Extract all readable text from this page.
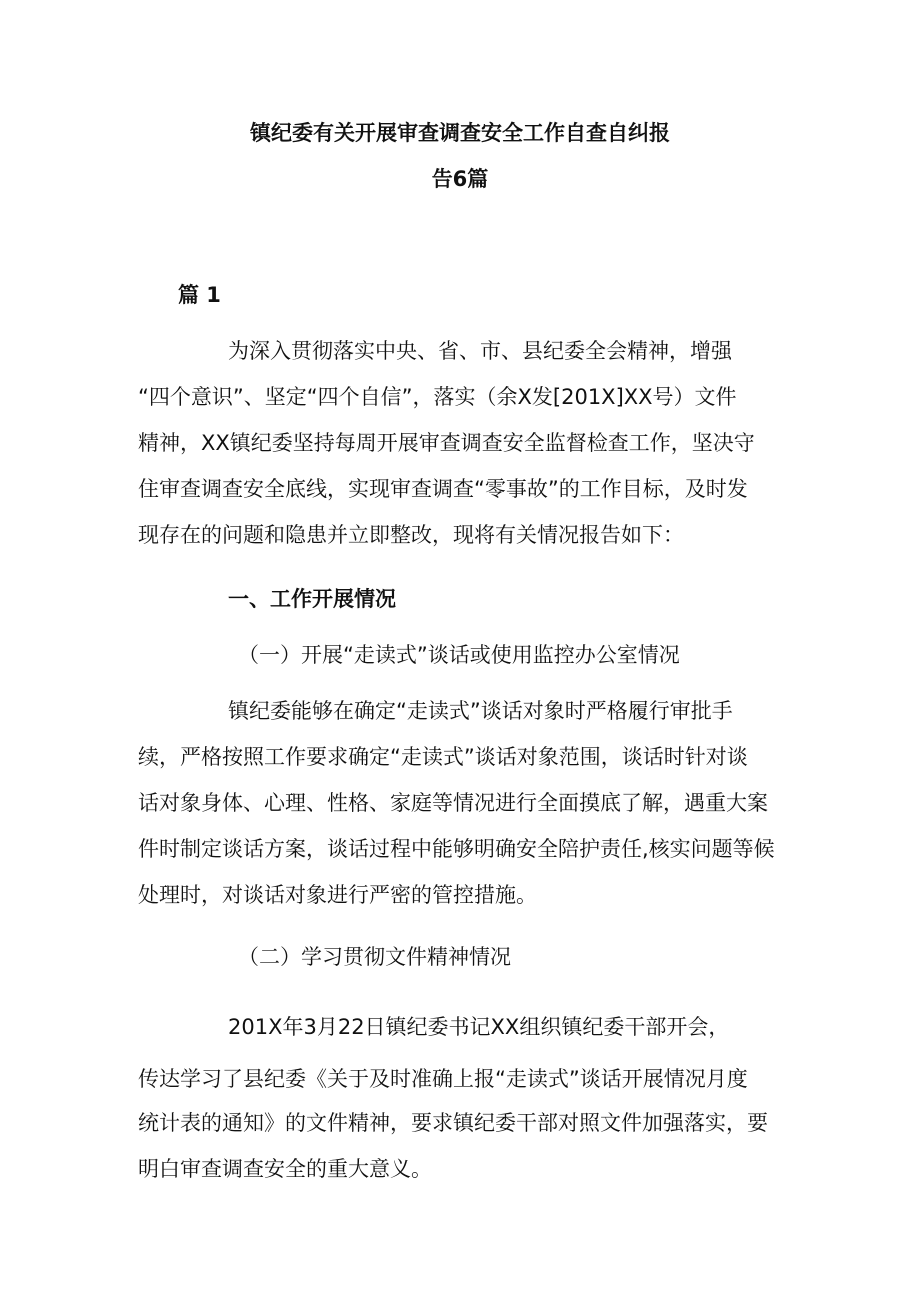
镇纪委有关开展审查调查安全工作自查自纠报
告6篇
篇 1
为深入贯彻落实中央、省、市、县纪委全会精神，增强
“四个意识”、坚定“四个自信”，落实（余X发[201X]XX号）文件
精神，XX镇纪委坚持每周开展审查调查安全监督检查工作，坚决守
住审查调查安全底线，实现审查调查“零事故”的工作目标，及时发
现存在的问题和隐患并立即整改，现将有关情况报告如下：
一、工作开展情况
（一）开展“走读式”谈话或使用监控办公室情况
镇纪委能够在确定“走读式”谈话对象时严格履行审批手
续，严格按照工作要求确定“走读式”谈话对象范围，谈话时针对谈
话对象身体、心理、性格、家庭等情况进行全面摸底了解，遇重大案
件时制定谈话方案，谈话过程中能够明确安全陪护责任,核实问题等候
处理时，对谈话对象进行严密的管控措施。
（二）学习贯彻文件精神情况
201X年3月22日镇纪委书记XX组织镇纪委干部开会，
传达学习了县纪委《关于及时准确上报“走读式”谈话开展情况月度
统计表的通知》的文件精神，要求镇纪委干部对照文件加强落实，要
明白审查调查安全的重大意义。
